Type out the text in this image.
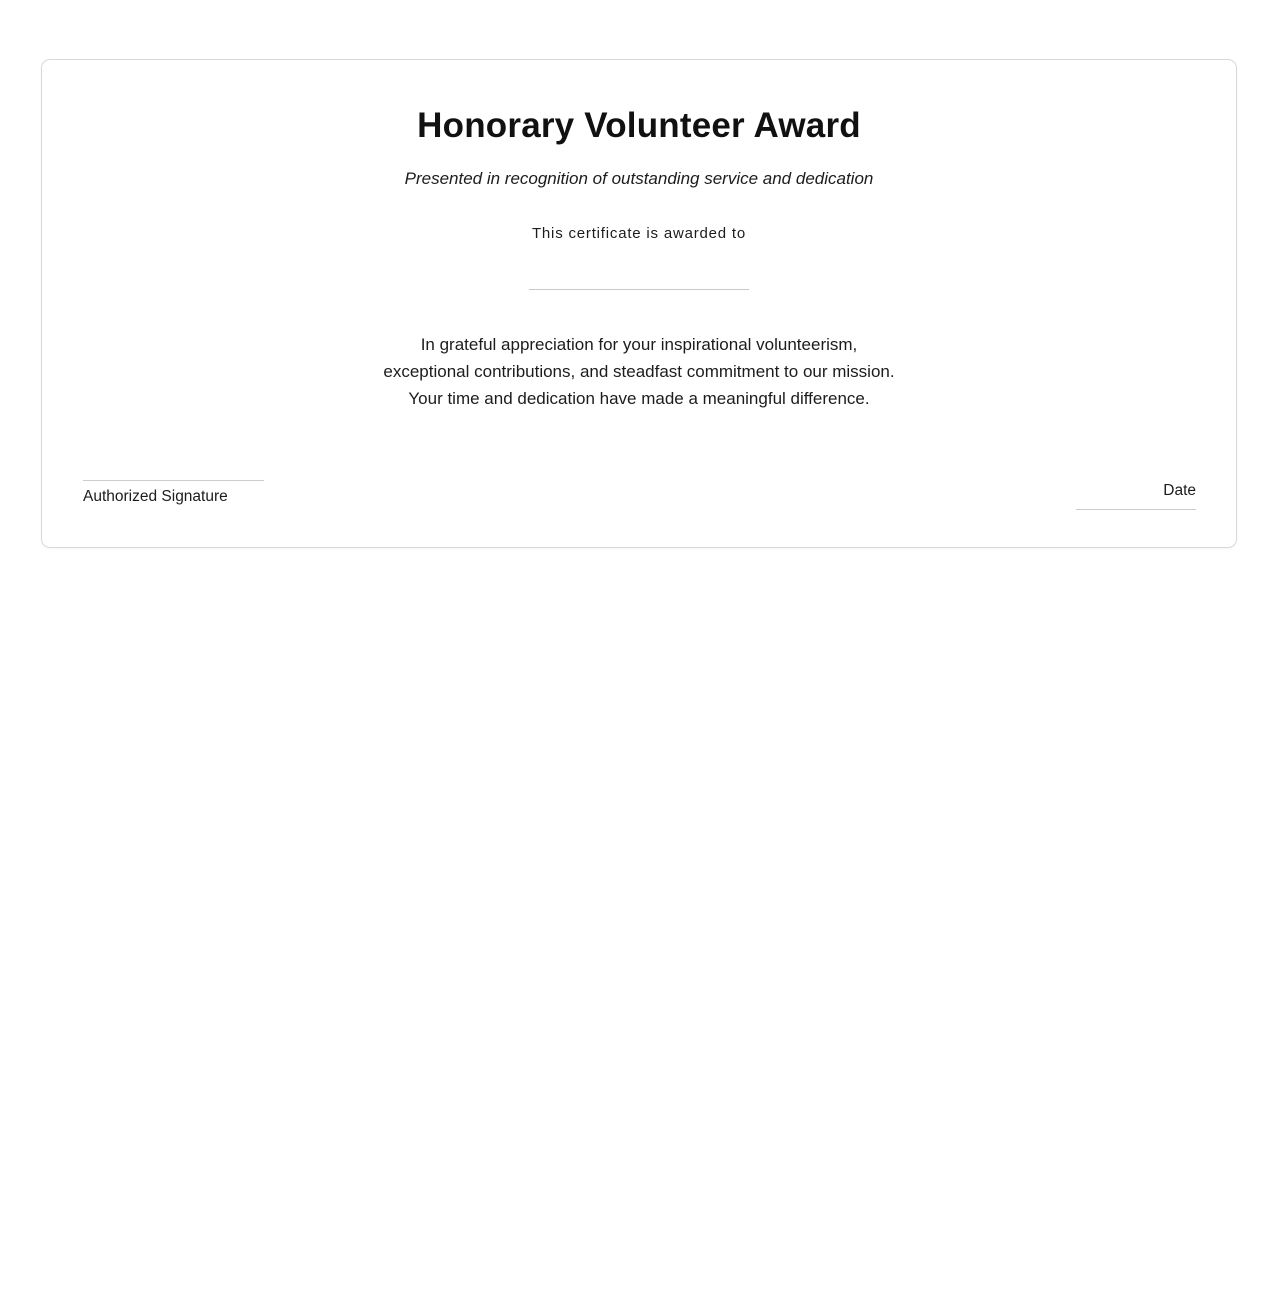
Honorary Volunteer Award
Presented in recognition of outstanding service and dedication
This certificate is awarded to
In grateful appreciation for your inspirational volunteerism,
exceptional contributions, and steadfast commitment to our mission.
Your time and dedication have made a meaningful difference.
Authorized Signature	Date
